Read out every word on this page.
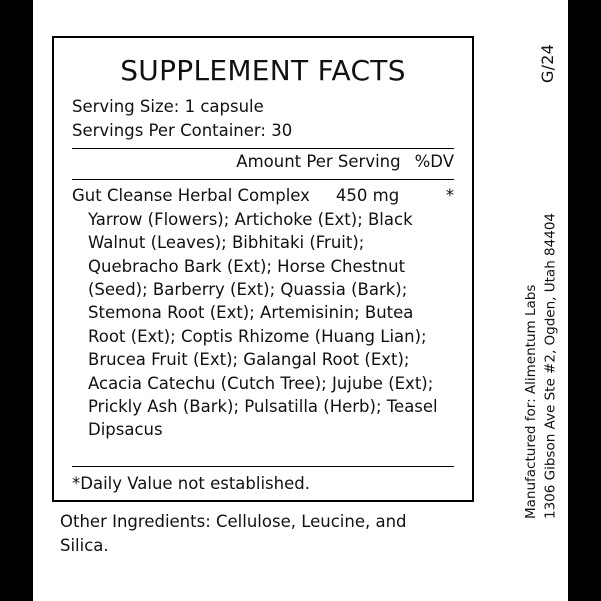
SUPPLEMENT FACTS
Serving Size: 1 capsule
Servings Per Container: 30
Amount Per Serving %DV
Gut Cleanse Herbal Complex 450 mg	*
Yarrow (Flowers); Artichoke (Ext); Black Walnut (Leaves); Bibhitaki (Fruit); Quebracho Bark (Ext); Horse Chestnut (Seed); Barberry (Ext); Quassia (Bark); Stemona Root (Ext); Artemisinin; Butea Root (Ext); Coptis Rhizome (Huang Lian); Brucea Fruit (Ext); Galangal Root (Ext); Acacia Catechu (Cutch Tree); Jujube (Ext); Prickly Ash (Bark); Pulsatilla (Herb); Teasel Dipsacus
*Daily Value not established.
Other Ingredients: Cellulose, Leucine, and Silica.
G/24
Manufactured for: Alimentum Labs 1306 Gibson Ave Ste #2, Ogden, Utah 84404
